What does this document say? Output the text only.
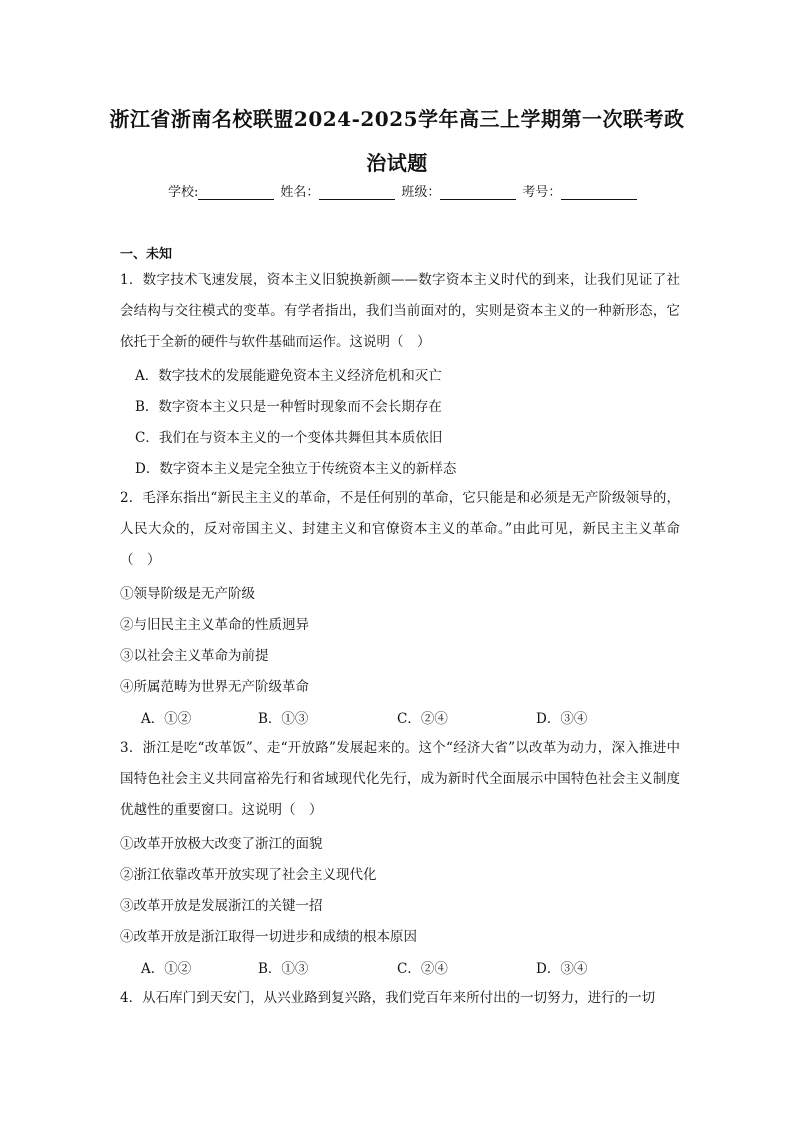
浙江省浙南名校联盟2024-2025学年高三上学期第一次联考政
治试题
学校:	姓名：	班级：	考号：
一、未知
1．数字技术飞速发展，资本主义旧貌换新颜——数字资本主义时代的到来，让我们见证了社会结构与交往模式的变革。有学者指出，我们当前面对的，实则是资本主义的一种新形态，它依托于全新的硬件与软件基础而运作。这说明（　）
A．数字技术的发展能避免资本主义经济危机和灭亡
B．数字资本主义只是一种暂时现象而不会长期存在
C．我们在与资本主义的一个变体共舞但其本质依旧
D．数字资本主义是完全独立于传统资本主义的新样态
2．毛泽东指出“新民主主义的革命，不是任何别的革命，它只能是和必须是无产阶级领导的，人民大众的，反对帝国主义、封建主义和官僚资本主义的革命。”由此可见，新民主主义革命（　）
①领导阶级是无产阶级
②与旧民主主义革命的性质迥异
③以社会主义革命为前提
④所属范畴为世界无产阶级革命
A．①②	B．①③	C．②④	D．③④
3．浙江是吃“改革饭”、走“开放路”发展起来的。这个“经济大省”以改革为动力，深入推进中国特色社会主义共同富裕先行和省域现代化先行，成为新时代全面展示中国特色社会主义制度优越性的重要窗口。这说明（　）
①改革开放极大改变了浙江的面貌
②浙江依靠改革开放实现了社会主义现代化
③改革开放是发展浙江的关键一招
④改革开放是浙江取得一切进步和成绩的根本原因
A．①②	B．①③	C．②④	D．③④
4．从石库门到天安门，从兴业路到复兴路，我们党百年来所付出的一切努力，进行的一切
